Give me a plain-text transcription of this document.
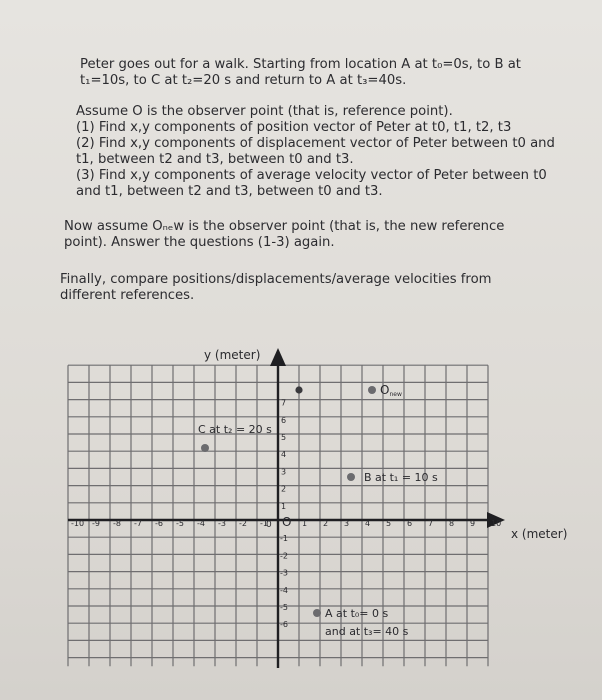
Peter goes out for a walk. Starting from location A at t₀=0s, to B at
t₁=10s, to C at t₂=20 s and return to A at t₃=40s.
Assume O is the observer point (that is, reference point).
(1) Find x,y components of position vector of Peter at t0, t1, t2, t3
(2) Find x,y components of displacement vector of Peter between t0 and
t1, between t2 and t3, between t0 and t3.
(3) Find x,y components of average velocity vector of Peter between t0
and t1, between t2 and t3, between t0 and t3.
Now assume Oₙₑw is the observer point (that is, the new reference
point). Answer the questions (1-3) again.
Finally, compare positions/displacements/average velocities from
different references.
-10 -9 -8 -7 -6 -5 -4 -3 -2 -1	1 2 3 4 5 6 7 8 9 10
0
1
2
3
4
5
6
7
-1
-2
-3
-4
-5
-6
y (meter)
x (meter)
O
Onew
B at t₁ = 10 s
C at t₂ = 20 s
A at t₀= 0 s
and at t₃= 40 s
